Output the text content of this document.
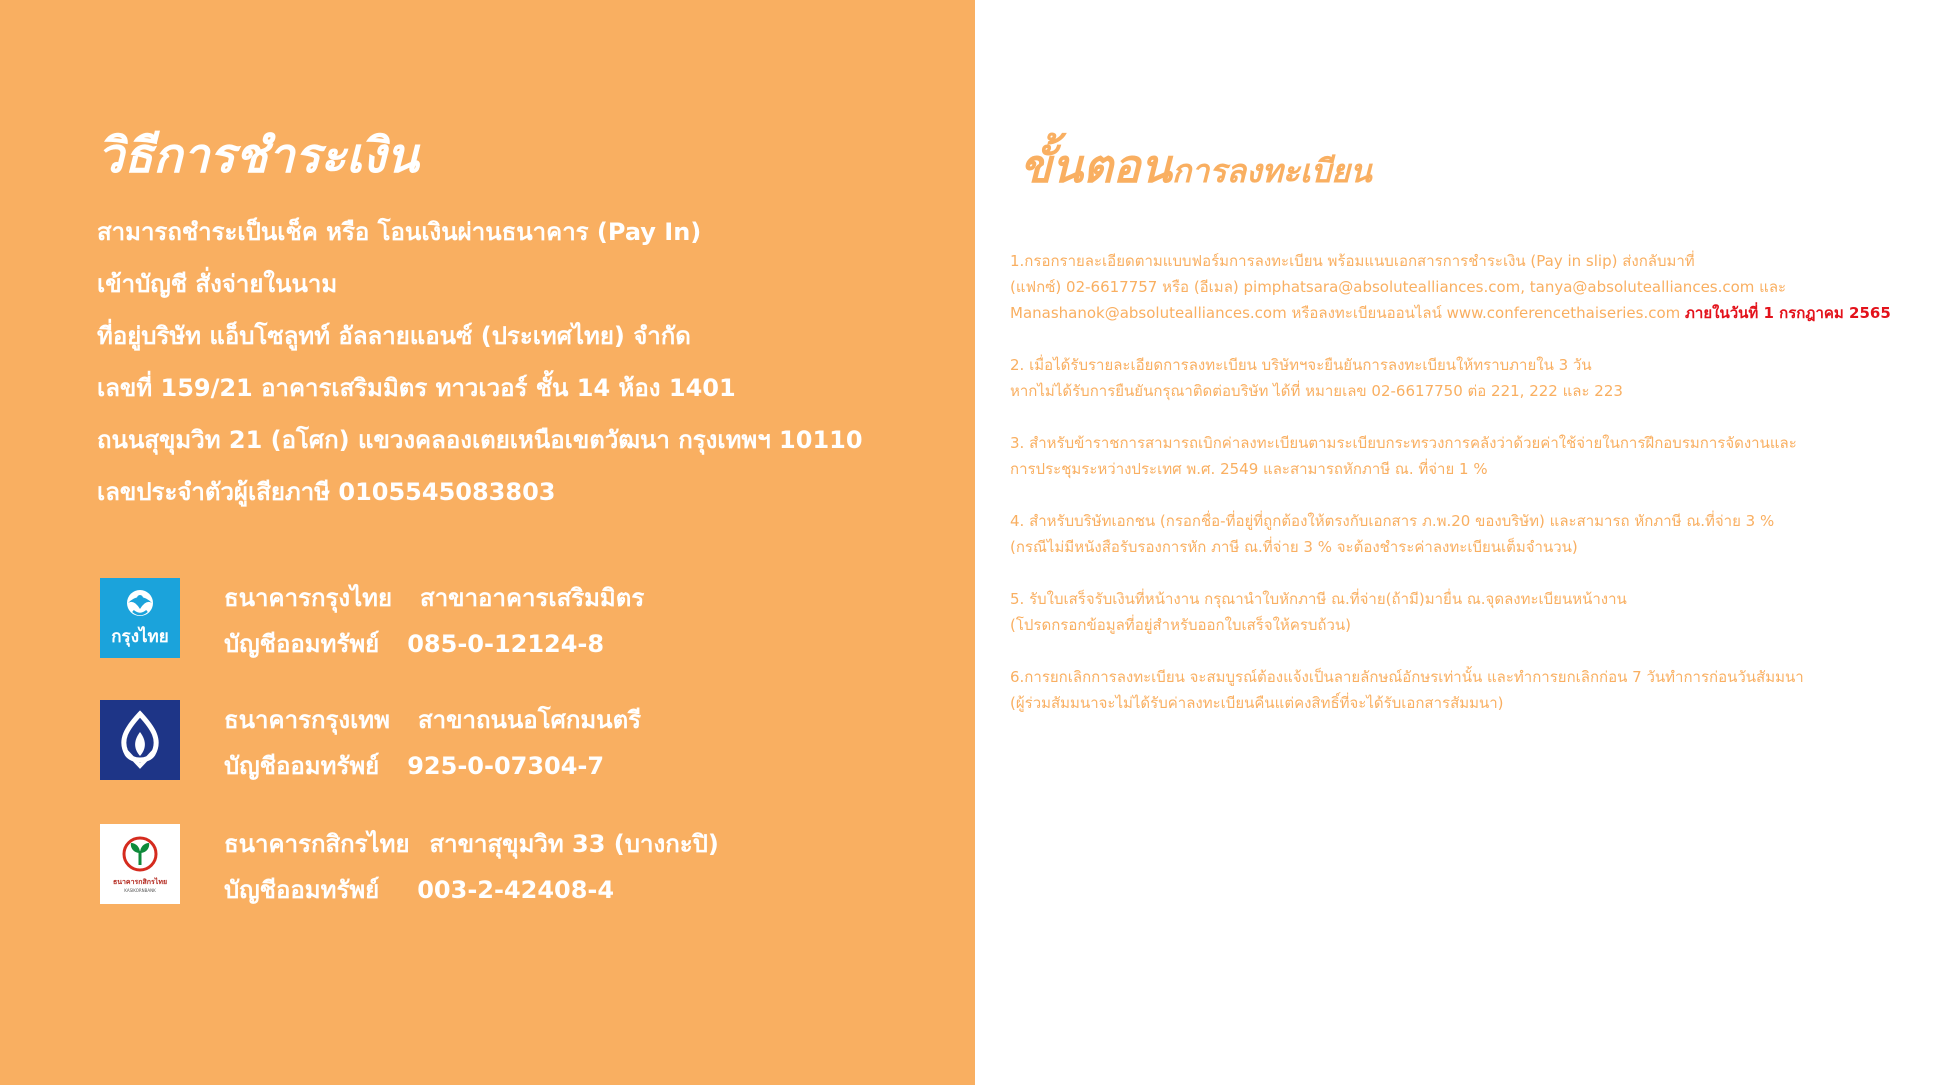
วิธีการชำระเงิน
สามารถชำระเป็นเช็ค หรือ โอนเงินผ่านธนาคาร (Pay In)
เข้าบัญชี สั่งจ่ายในนาม
ที่อยู่บริษัท แอ็บโซลูทท์ อัลลายแอนซ์ (ประเทศไทย) จำกัด
เลขที่ 159/21 อาคารเสริมมิตร ทาวเวอร์ ชั้น 14 ห้อง 1401
ถนนสุขุมวิท 21 (อโศก) แขวงคลองเตยเหนือเขตวัฒนา กรุงเทพฯ 10110
เลขประจำตัวผู้เสียภาษี 0105545083803
กรุงไทย
ธนาคารกรุงไทย สาขาอาคารเสริมมิตร
บัญชีออมทรัพย์ 085-0-12124-8
ธนาคารกรุงเทพ สาขาถนนอโศกมนตรี
บัญชีออมทรัพย์ 925-0-07304-7
ธนาคารกสิกรไทย
KASIKORNBANK
ธนาคารกสิกรไทย สาขาสุขุมวิท 33 (บางกะปิ)
บัญชีออมทรัพย์ 003-2-42408-4
ขั้นตอนการลงทะเบียน
1.กรอกรายละเอียดตามแบบฟอร์มการลงทะเบียน พร้อมแนบเอกสารการชำระเงิน (Pay in slip) ส่งกลับมาที่
(แฟกซ์) 02-6617757 หรือ (อีเมล) pimphatsara@absolutealliances.com, tanya@absolutealliances.com และ
Manashanok@absolutealliances.com หรือลงทะเบียนออนไลน์ www.conferencethaiseries.com ภายในวันที่ 1 กรกฎาคม 2565
2. เมื่อได้รับรายละเอียดการลงทะเบียน บริษัทฯจะยืนยันการลงทะเบียนให้ทราบภายใน 3 วัน
หากไม่ได้รับการยืนยันกรุณาติดต่อบริษัท ได้ที่ หมายเลข 02-6617750 ต่อ 221, 222 และ 223
3. สำหรับข้าราชการสามารถเบิกค่าลงทะเบียนตามระเบียบกระทรวงการคลังว่าด้วยค่าใช้จ่ายในการฝึกอบรมการจัดงานและ
การประชุมระหว่างประเทศ พ.ศ. 2549 และสามารถหักภาษี ณ. ที่จ่าย 1 %
4. สำหรับบริษัทเอกชน (กรอกชื่อ-ที่อยู่ที่ถูกต้องให้ตรงกับเอกสาร ภ.พ.20 ของบริษัท) และสามารถ หักภาษี ณ.ที่จ่าย 3 %
(กรณีไม่มีหนังสือรับรองการหัก ภาษี ณ.ที่จ่าย 3 % จะต้องชำระค่าลงทะเบียนเต็มจำนวน)
5. รับใบเสร็จรับเงินที่หน้างาน กรุณานำใบหักภาษี ณ.ที่จ่าย(ถ้ามี)มายื่น ณ.จุดลงทะเบียนหน้างาน
(โปรดกรอกข้อมูลที่อยู่สำหรับออกใบเสร็จให้ครบถ้วน)
6.การยกเลิกการลงทะเบียน จะสมบูรณ์ต้องแจ้งเป็นลายลักษณ์อักษรเท่านั้น และทำการยกเลิกก่อน 7 วันทำการก่อนวันสัมมนา
(ผู้ร่วมสัมมนาจะไม่ได้รับค่าลงทะเบียนคืนแต่คงสิทธิ์ที่จะได้รับเอกสารสัมมนา)
